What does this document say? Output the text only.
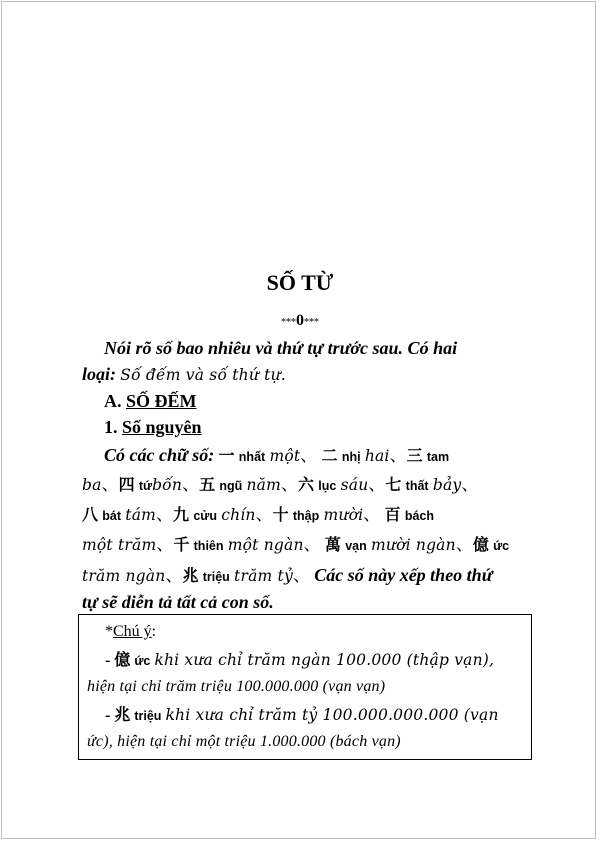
SỐ TỪ
***0***
Nói rõ số bao nhiêu và thứ tự trước sau. Có hai
loại: Số đếm và số thứ tự.
A. SỐ ĐẾM
1. Số nguyên
Có các chữ số: 一 nhất một、 二 nhị hai、三 tam
ba、四 tứbốn、五 ngũ năm、六 lục sáu、七 thất bảy、
八 bát tám、九 cửu chín、十 thập mười、 百 bách
một trăm、千 thiên một ngàn、 萬 vạn mười ngàn、億 ức
trăm ngàn、兆 triệu trăm tỷ、 Các số này xếp theo thứ
tự sẽ diễn tả tất cả con số.
*Chú ý:
- 億 ức khi xưa chỉ trăm ngàn 100.000 (thập vạn),
hiện tại chỉ trăm triệu 100.000.000 (vạn vạn)
- 兆 triệu khi xưa chỉ trăm tỷ 100.000.000.000 (vạn
ức), hiện tại chỉ một triệu 1.000.000 (bách vạn)
